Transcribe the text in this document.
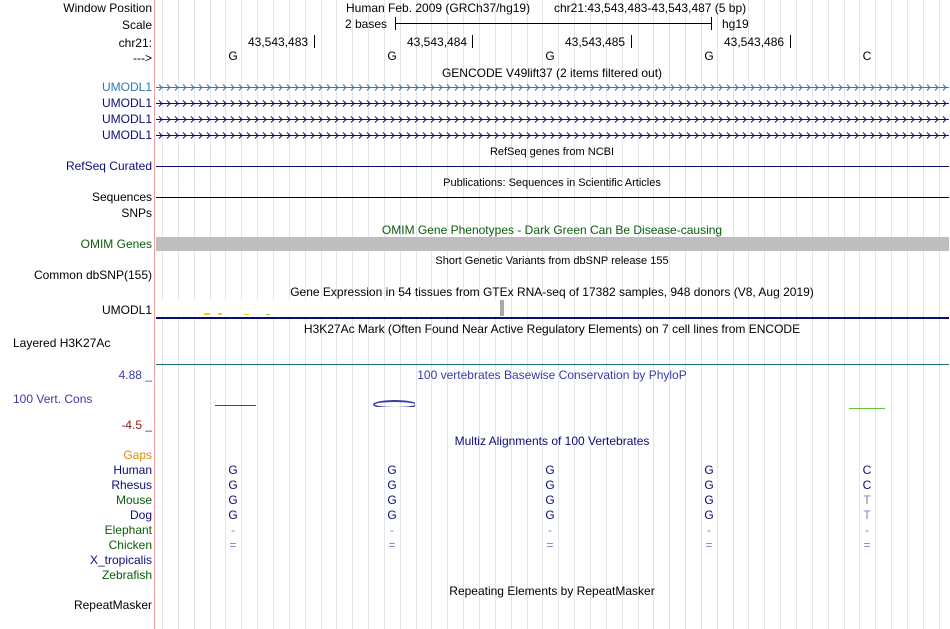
Window Position
Scale
chr21:
--->
Human Feb. 2009 (GRCh37/hg19) chr21:43,543,483-43,543,487 (5 bp)
2 bases	hg19
43,543,483	43,543,484	43,543,485	43,543,486
G	G	G	G	C
GENCODE V49lift37 (2 items filtered out)
UMODL1
UMODL1
UMODL1
UMODL1
RefSeq genes from NCBI
RefSeq Curated
Publications: Sequences in Scientific Articles
Sequences
SNPs
OMIM Gene Phenotypes - Dark Green Can Be Disease-causing
OMIM Genes
Short Genetic Variants from dbSNP release 155
Common dbSNP(155)
Gene Expression in 54 tissues from GTEx RNA-seq of 17382 samples, 948 donors (V8, Aug 2019)
UMODL1
H3K27Ac Mark (Often Found Near Active Regulatory Elements) on 7 cell lines from ENCODE
Layered H3K27Ac
100 vertebrates Basewise Conservation by PhyloP
4.88 _
100 Vert. Cons
-4.5 _
Multiz Alignments of 100 Vertebrates
Gaps
Human	G	G	G	G	C
Rhesus	G	G	G	G	C
Mouse	G	G	G	G	T
Dog	G	G	G	G	T
Elephant	-	-	-	-	-
Chicken	=	=	=	=	=
X_tropicalis
Zebrafish
Repeating Elements by RepeatMasker
RepeatMasker
